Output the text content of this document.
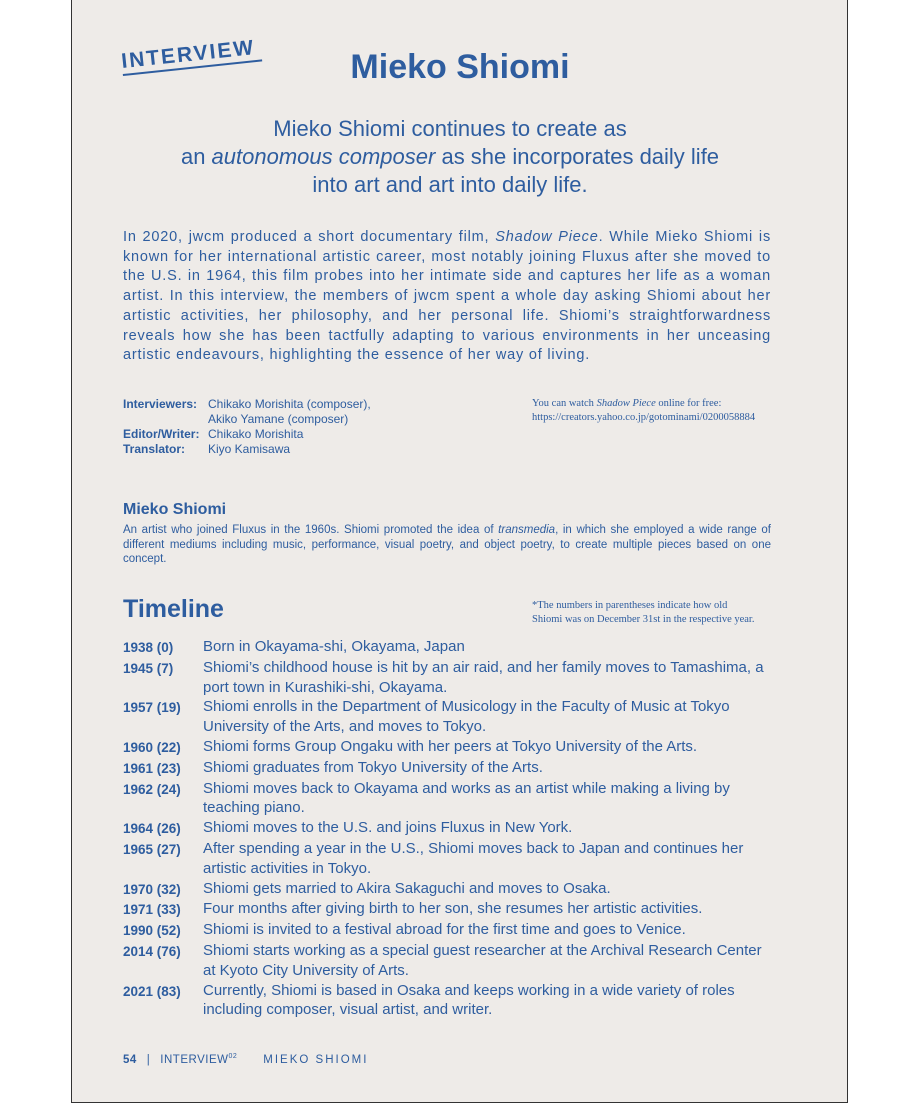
INTERVIEW	Mieko Shiomi
Mieko Shiomi continues to create as
an autonomous composer as she incorporates daily life
into art and art into daily life.
In 2020, jwcm produced a short documentary film, Shadow Piece. While Mieko Shiomi is known for her international artistic career, most notably joining Fluxus after she moved to the U.S. in 1964, this film probes into her intimate side and captures her life as a woman artist. In this interview, the members of jwcm spent a whole day asking Shiomi about her artistic activities, her philosophy, and her personal life. Shiomi’s straightforwardness reveals how she has been tactfully adapting to various environments in her unceasing artistic endeavours, highlighting the essence of her way of living.
Interviewers: Chikako Morishita (composer),
Akiko Yamane (composer)
Editor/Writer: Chikako Morishita
Translator:	Kiyo Kamisawa
You can watch Shadow Piece online for free:
https://creators.yahoo.co.jp/gotominami/0200058884
Mieko Shiomi
An artist who joined Fluxus in the 1960s. Shiomi promoted the idea of transmedia, in which she employed a wide range of different mediums including music, performance, visual poetry, and object poetry, to create multiple pieces based on one concept.
Timeline	*The numbers in parentheses indicate how old
Shiomi was on December 31st in the respective year.
1938 (0)	Born in Okayama-shi, Okayama, Japan
1945 (7)	Shiomi’s childhood house is hit by an air raid, and her family moves to Tamashima, a port town in Kurashiki-shi, Okayama.
1957 (19)	Shiomi enrolls in the Department of Musicology in the Faculty of Music at Tokyo University of the Arts, and moves to Tokyo.
1960 (22)	Shiomi forms Group Ongaku with her peers at Tokyo University of the Arts.
1961 (23)	Shiomi graduates from Tokyo University of the Arts.
1962 (24)	Shiomi moves back to Okayama and works as an artist while making a living by teaching piano.
1964 (26)	Shiomi moves to the U.S. and joins Fluxus in New York.
1965 (27)	After spending a year in the U.S., Shiomi moves back to Japan and continues her artistic activities in Tokyo.
1970 (32)	Shiomi gets married to Akira Sakaguchi and moves to Osaka.
1971 (33)	Four months after giving birth to her son, she resumes her artistic activities.
1990 (52)	Shiomi is invited to a festival abroad for the first time and goes to Venice.
2014 (76)	Shiomi starts working as a special guest researcher at the Archival Research Center at Kyoto City University of Arts.
2021 (83)	Currently, Shiomi is based in Osaka and keeps working in a wide variety of roles including composer, visual artist, and writer.
54 | INTERVIEW$^{02}$ MIEKO SHIOMI
